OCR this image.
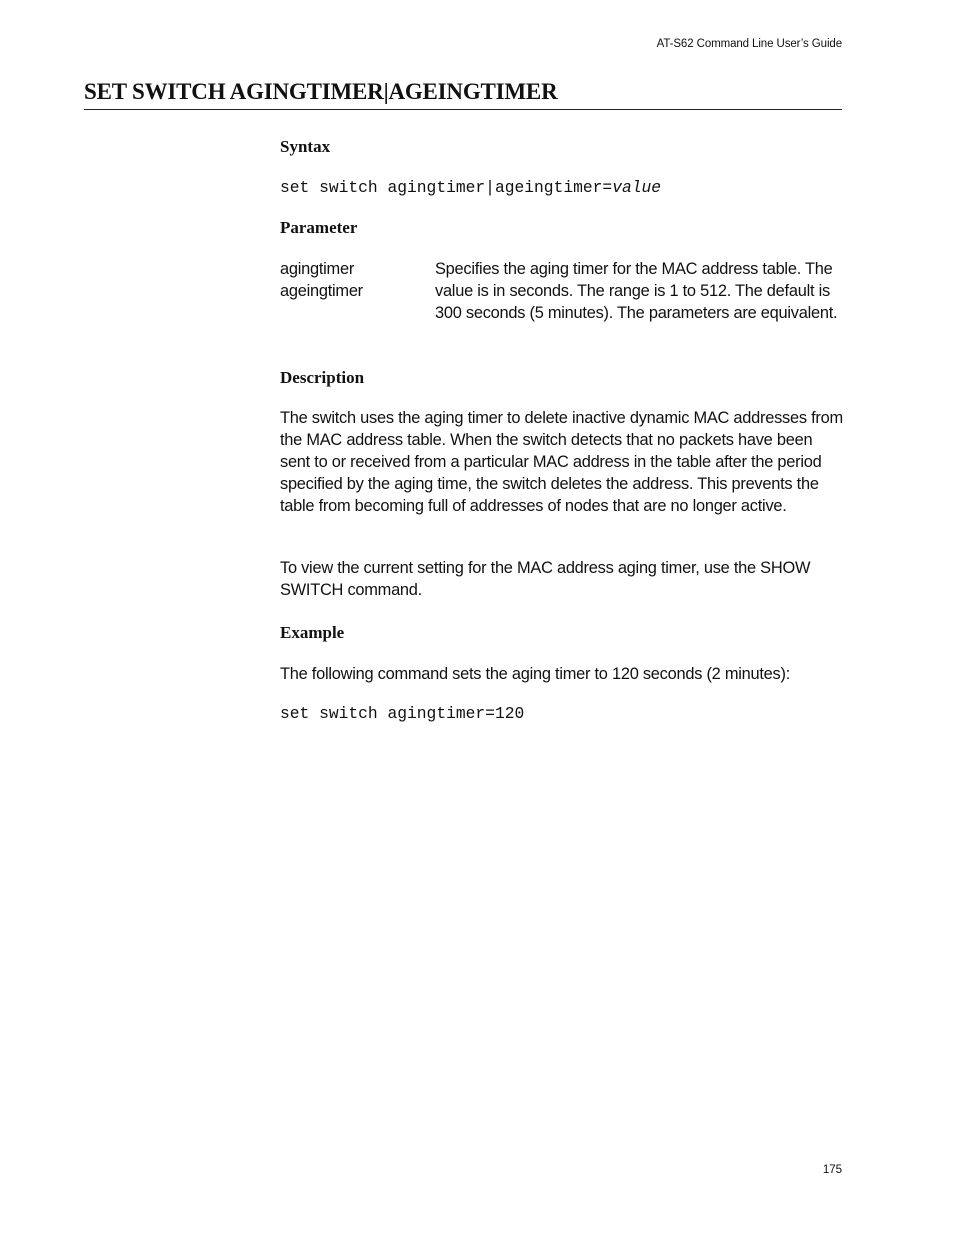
AT-S62 Command Line User’s Guide
SET SWITCH AGINGTIMER|AGEINGTIMER
Syntax
set switch agingtimer|ageingtimer=value
Parameter
agingtimer
ageingtimer

Specifies the aging timer for the MAC address table. The value is in seconds. The range is 1 to 512. The default is 300 seconds (5 minutes). The parameters are equivalent.

Description

The switch uses the aging timer to delete inactive dynamic MAC addresses from the MAC address table. When the switch detects that no packets have been sent to or received from a particular MAC address in the table after the period specified by the aging time, the switch deletes the address. This prevents the table from becoming full of addresses of nodes that are no longer active.

To view the current setting for the MAC address aging timer, use the SHOW SWITCH command.

Example

The following command sets the aging timer to 120 seconds (2 minutes):

set switch agingtimer=120
175
